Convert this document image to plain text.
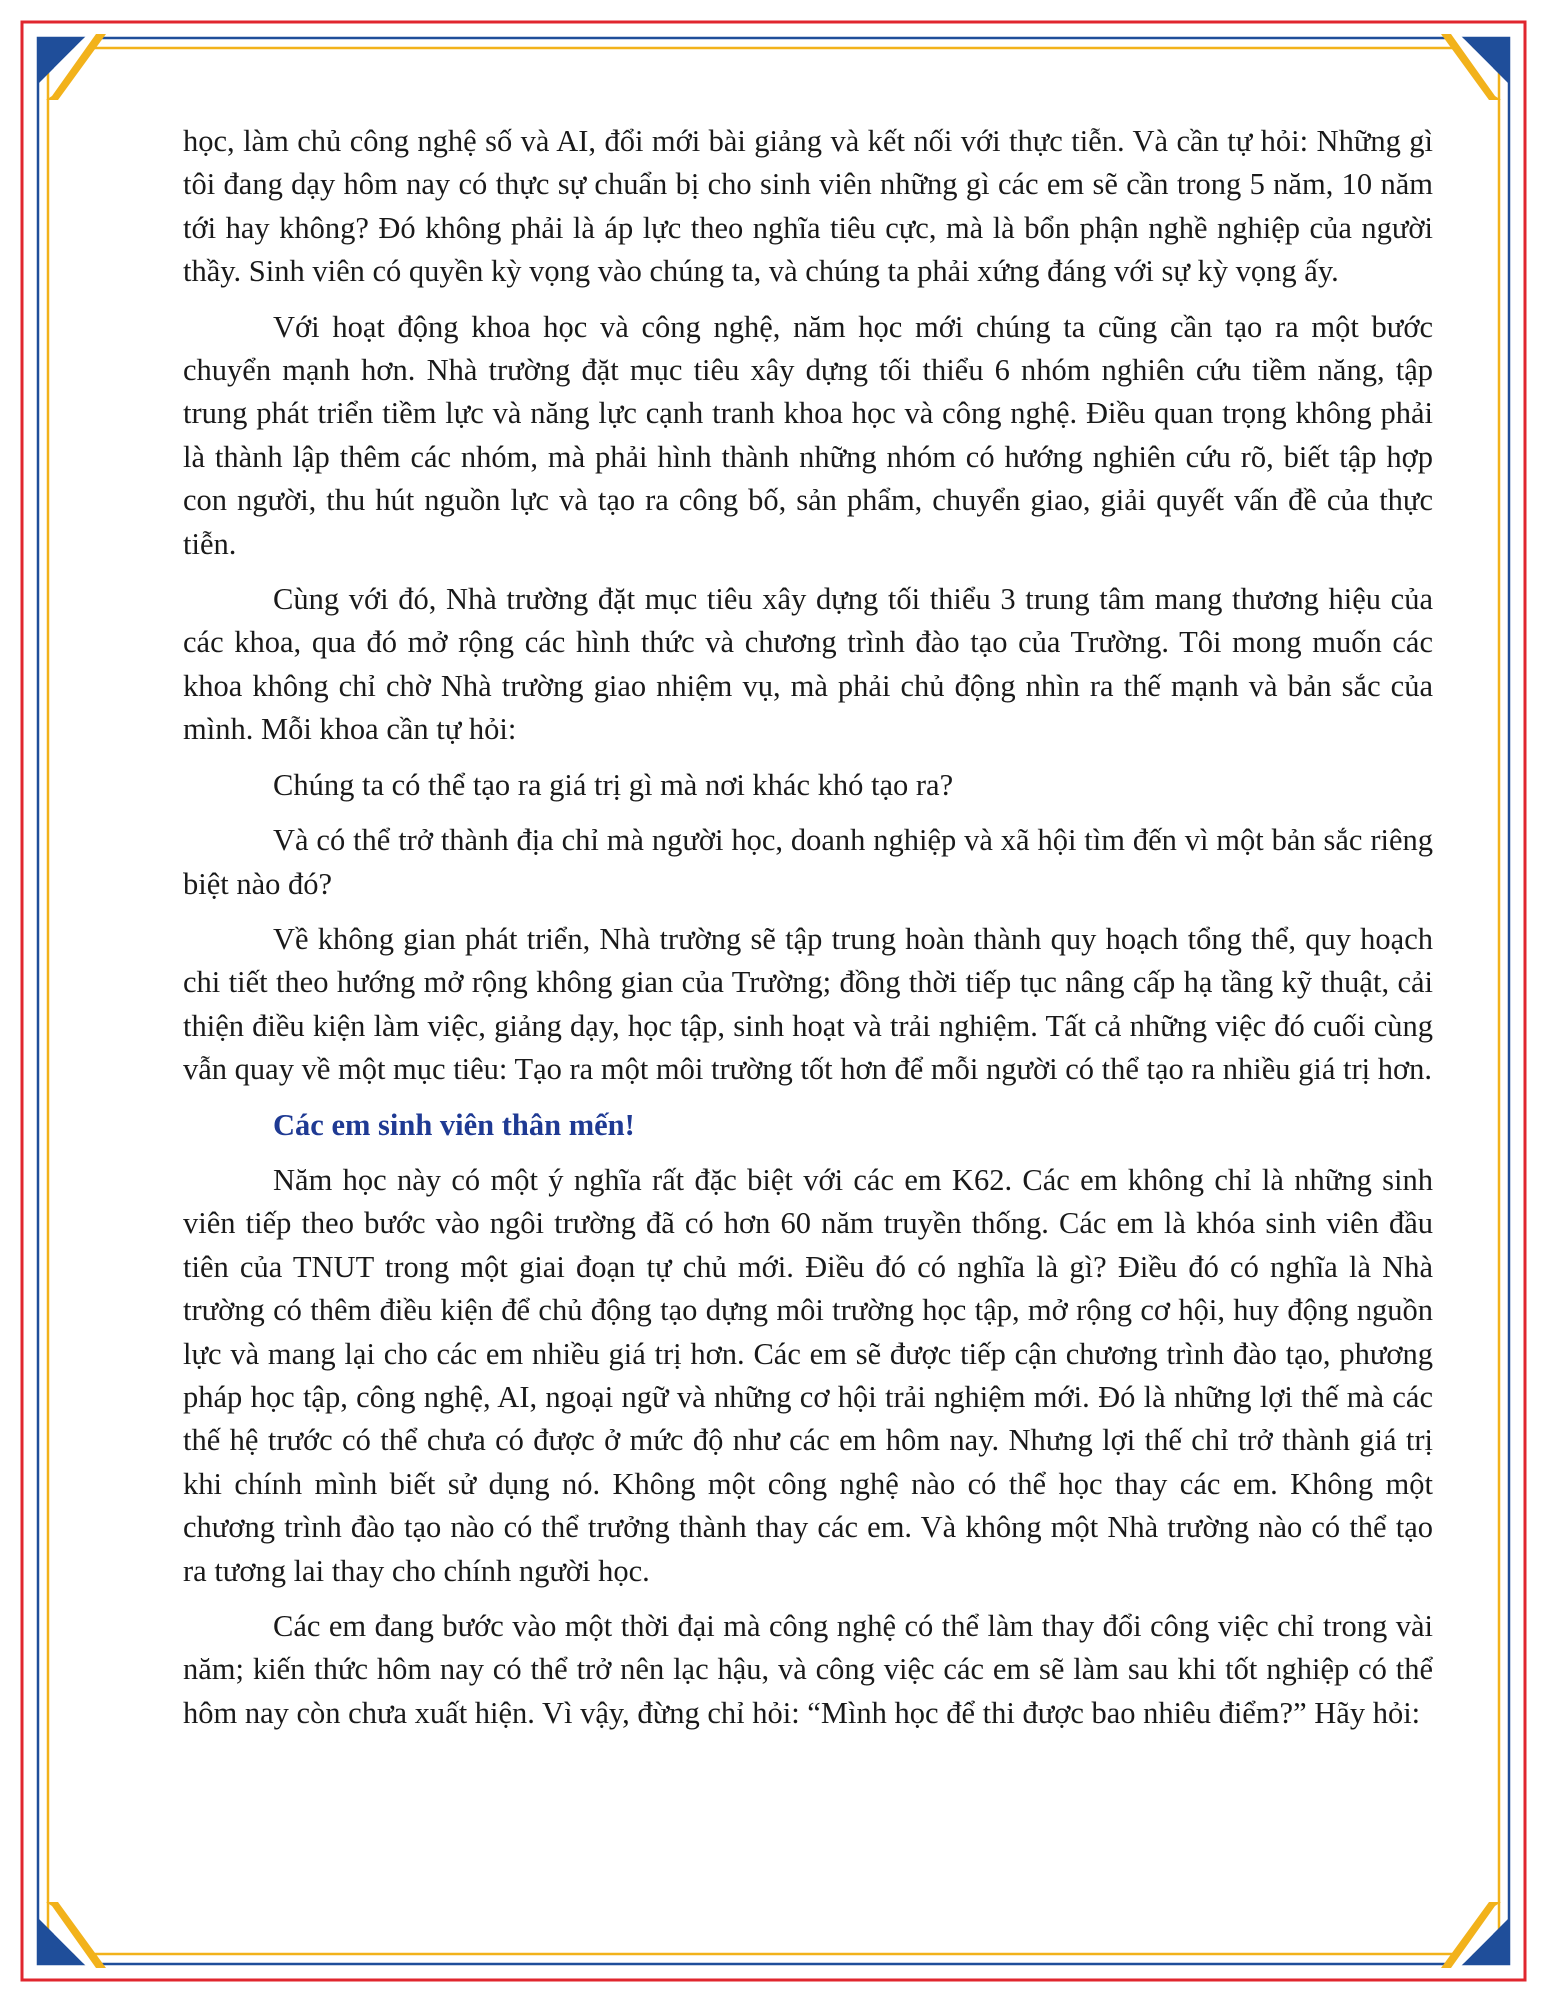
học, làm chủ công nghệ số và AI, đổi mới bài giảng và kết nối với thực tiễn. Và cần tự hỏi: Những gì tôi đang dạy hôm nay có thực sự chuẩn bị cho sinh viên những gì các em sẽ cần trong 5 năm, 10 năm tới hay không? Đó không phải là áp lực theo nghĩa tiêu cực, mà là bổn phận nghề nghiệp của người thầy. Sinh viên có quyền kỳ vọng vào chúng ta, và chúng ta phải xứng đáng với sự kỳ vọng ấy.

Với hoạt động khoa học và công nghệ, năm học mới chúng ta cũng cần tạo ra một bước chuyển mạnh hơn. Nhà trường đặt mục tiêu xây dựng tối thiểu 6 nhóm nghiên cứu tiềm năng, tập trung phát triển tiềm lực và năng lực cạnh tranh khoa học và công nghệ. Điều quan trọng không phải là thành lập thêm các nhóm, mà phải hình thành những nhóm có hướng nghiên cứu rõ, biết tập hợp con người, thu hút nguồn lực và tạo ra công bố, sản phẩm, chuyển giao, giải quyết vấn đề của thực tiễn.

Cùng với đó, Nhà trường đặt mục tiêu xây dựng tối thiểu 3 trung tâm mang thương hiệu của các khoa, qua đó mở rộng các hình thức và chương trình đào tạo của Trường. Tôi mong muốn các khoa không chỉ chờ Nhà trường giao nhiệm vụ, mà phải chủ động nhìn ra thế mạnh và bản sắc của mình. Mỗi khoa cần tự hỏi:

Chúng ta có thể tạo ra giá trị gì mà nơi khác khó tạo ra?

Và có thể trở thành địa chỉ mà người học, doanh nghiệp và xã hội tìm đến vì một bản sắc riêng biệt nào đó?

Về không gian phát triển, Nhà trường sẽ tập trung hoàn thành quy hoạch tổng thể, quy hoạch chi tiết theo hướng mở rộng không gian của Trường; đồng thời tiếp tục nâng cấp hạ tầng kỹ thuật, cải thiện điều kiện làm việc, giảng dạy, học tập, sinh hoạt và trải nghiệm. Tất cả những việc đó cuối cùng vẫn quay về một mục tiêu: Tạo ra một môi trường tốt hơn để mỗi người có thể tạo ra nhiều giá trị hơn.

Các em sinh viên thân mến!

Năm học này có một ý nghĩa rất đặc biệt với các em K62. Các em không chỉ là những sinh viên tiếp theo bước vào ngôi trường đã có hơn 60 năm truyền thống. Các em là khóa sinh viên đầu tiên của TNUT trong một giai đoạn tự chủ mới. Điều đó có nghĩa là gì? Điều đó có nghĩa là Nhà trường có thêm điều kiện để chủ động tạo dựng môi trường học tập, mở rộng cơ hội, huy động nguồn lực và mang lại cho các em nhiều giá trị hơn. Các em sẽ được tiếp cận chương trình đào tạo, phương pháp học tập, công nghệ, AI, ngoại ngữ và những cơ hội trải nghiệm mới. Đó là những lợi thế mà các thế hệ trước có thể chưa có được ở mức độ như các em hôm nay. Nhưng lợi thế chỉ trở thành giá trị khi chính mình biết sử dụng nó. Không một công nghệ nào có thể học thay các em. Không một chương trình đào tạo nào có thể trưởng thành thay các em. Và không một Nhà trường nào có thể tạo ra tương lai thay cho chính người học.

Các em đang bước vào một thời đại mà công nghệ có thể làm thay đổi công việc chỉ trong vài năm; kiến thức hôm nay có thể trở nên lạc hậu, và công việc các em sẽ làm sau khi tốt nghiệp có thể hôm nay còn chưa xuất hiện. Vì vậy, đừng chỉ hỏi: “Mình học để thi được bao nhiêu điểm?” Hãy hỏi:
